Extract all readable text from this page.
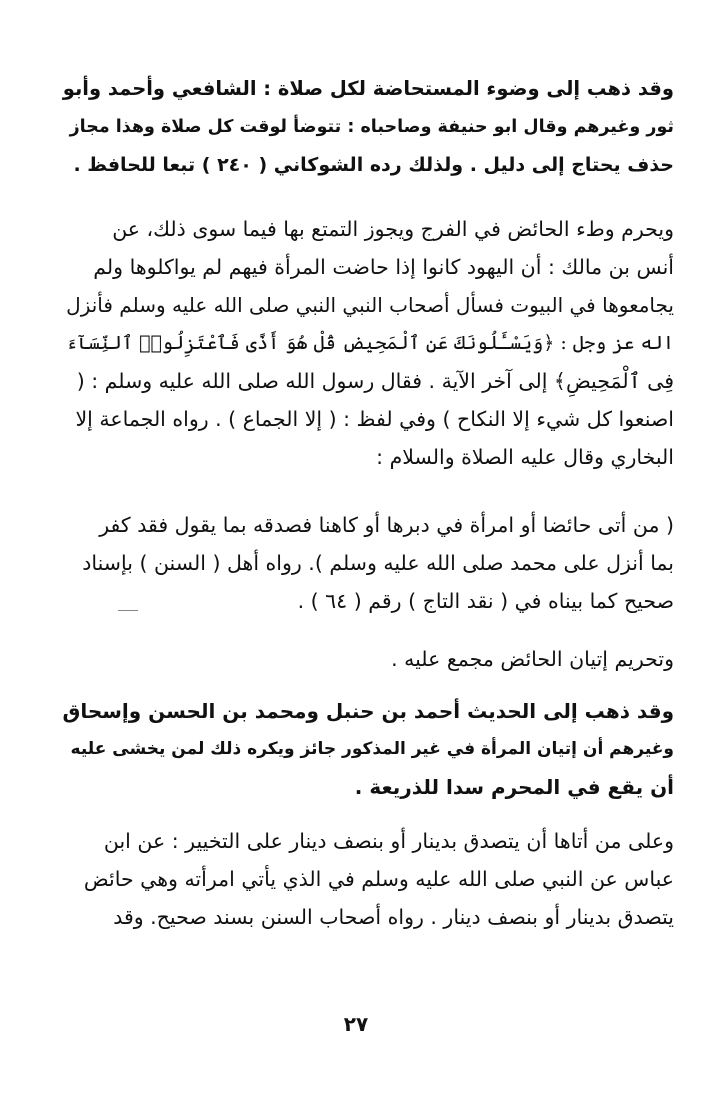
وقد ذهب إلى وضوء المستحاضة لكل صلاة : الشافعي وأحمد وأبو
ثور وغيرهم وقال ابو حنيفة وصاحباه : تتوضأ لوقت كل صلاة وهذا مجاز
حذف يحتاج إلى دليل . ولذلك رده الشوكاني ( ٢٤٠ ) تبعا للحافظ .
ويحرم وطء الحائض في الفرج ويجوز التمتع بها فيما سوى ذلك، عن
أنس بن مالك : أن اليهود كانوا إذا حاضت المرأة فيهم لم يواكلوها ولم
يجامعوها في البيوت فسأل أصحاب النبي النبي صلى الله عليه وسلم فأنزل
اله عز وجل : ﴿وَيَسْـَٔلُونَكَ عَنِ ٱلْمَحِيضِ قُلْ هُوَ أَذًى فَٱعْتَزِلُوا۟ ٱلنِّسَآءَ
فِى ٱلْمَحِيضِ﴾ إلى آخر الآية . فقال رسول الله صلى الله عليه وسلم : (
اصنعوا كل شيء إلا النكاح ) وفي لفظ : ( إلا الجماع ) . رواه الجماعة إلا
البخاري وقال عليه الصلاة والسلام :
( من أتى حائضا أو امرأة في دبرها أو كاهنا فصدقه بما يقول فقد كفر
بما أنزل على محمد صلى الله عليه وسلم ). رواه أهل ( السنن ) بإسناد
صحيح كما بيناه في ( نقد التاج ) رقم ( ٦٤ ) .
وتحريم إتيان الحائض مجمع عليه .
وقد ذهب إلى الحديث أحمد بن حنبل ومحمد بن الحسن وإسحاق
وغيرهم أن إتيان المرأة في غير المذكور جائز ويكره ذلك لمن يخشى عليه
أن يقع في المحرم سدا للذريعة .
وعلى من أتاها أن يتصدق بدينار أو بنصف دينار على التخيير : عن ابن
عباس عن النبي صلى الله عليه وسلم في الذي يأتي امرأته وهي حائض
يتصدق بدينار أو بنصف دينار . رواه أصحاب السنن بسند صحيح. وقد
٢٧
